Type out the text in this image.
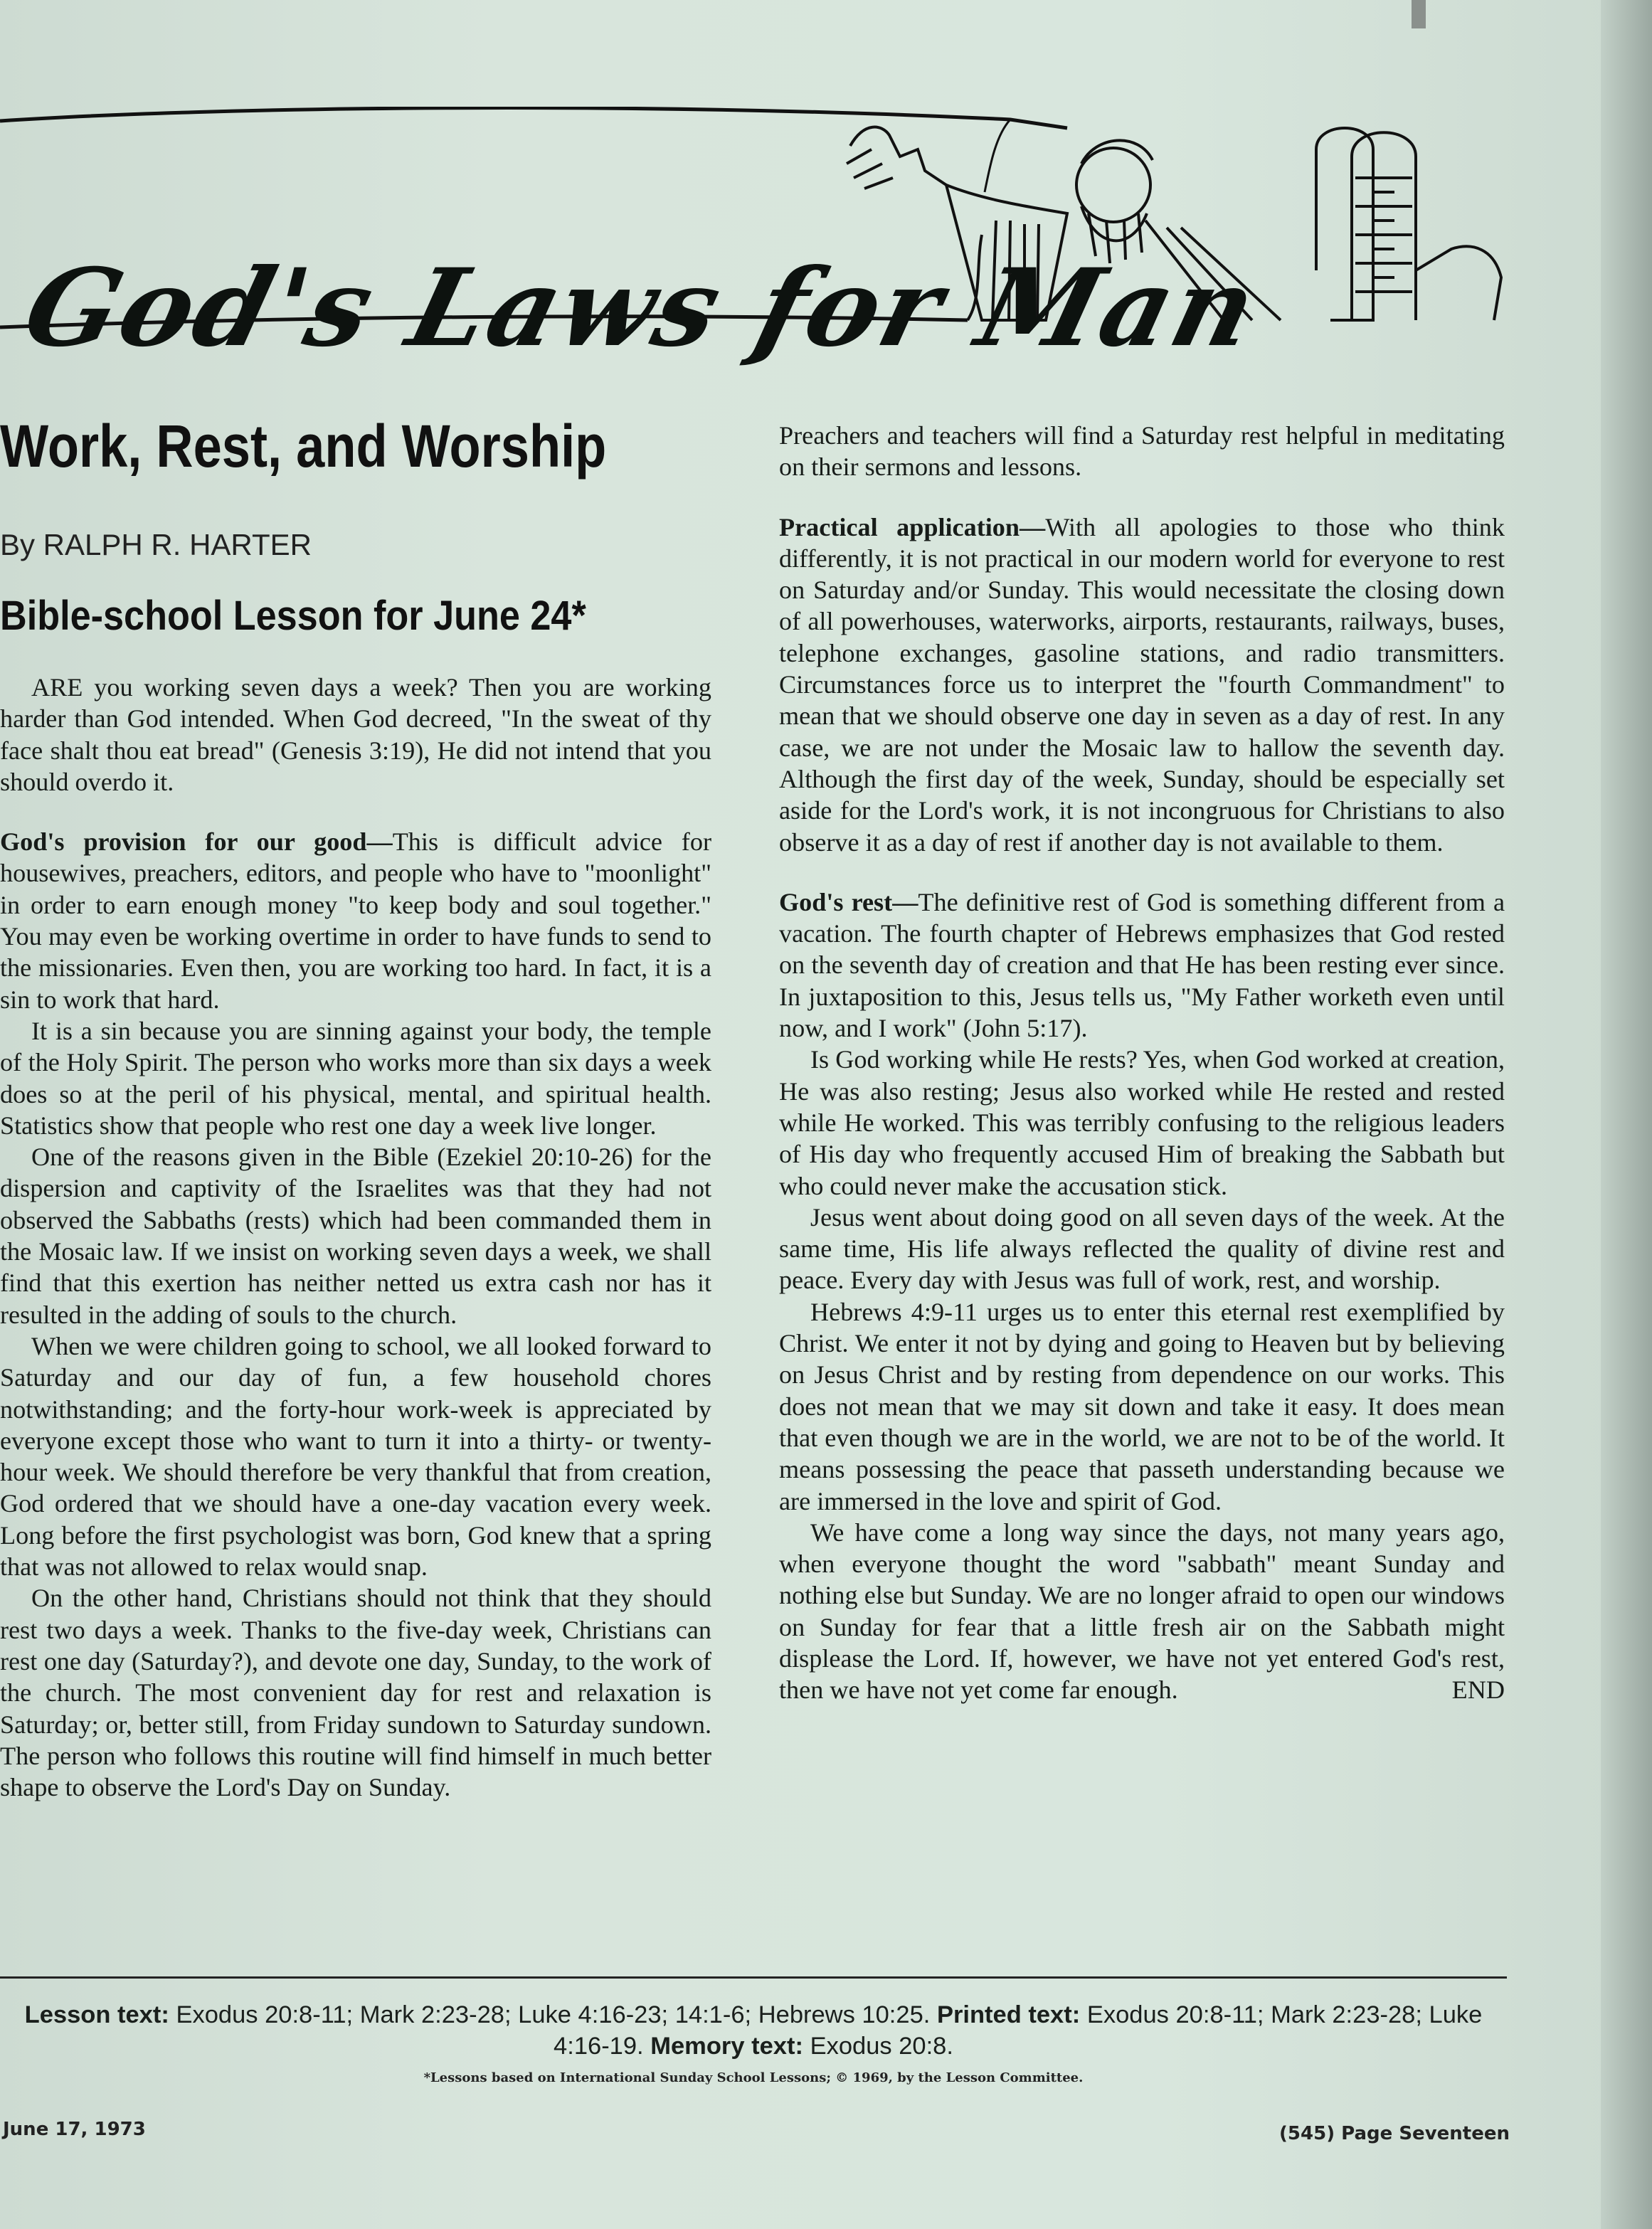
God's Laws for Man
Work, Rest, and Worship
By RALPH R. HARTER
Bible-school Lesson for June 24*

ARE you working seven days a week? Then you are working harder than God intended. When God decreed, "In the sweat of thy face shalt thou eat bread" (Genesis 3:19), He did not intend that you should overdo it.

God's provision for our good—This is difficult advice for housewives, preachers, editors, and people who have to "moonlight" in order to earn enough money "to keep body and soul together." You may even be working overtime in order to have funds to send to the missionaries. Even then, you are working too hard. In fact, it is a sin to work that hard.

It is a sin because you are sinning against your body, the temple of the Holy Spirit. The person who works more than six days a week does so at the peril of his physical, mental, and spiritual health. Statistics show that people who rest one day a week live longer.

One of the reasons given in the Bible (Ezekiel 20:10-26) for the dispersion and captivity of the Israelites was that they had not observed the Sabbaths (rests) which had been commanded them in the Mosaic law. If we insist on working seven days a week, we shall find that this exertion has neither netted us extra cash nor has it resulted in the adding of souls to the church.

When we were children going to school, we all looked forward to Saturday and our day of fun, a few household chores notwithstanding; and the forty-hour work-week is appreciated by everyone except those who want to turn it into a thirty- or twenty-hour week. We should therefore be very thankful that from creation, God ordered that we should have a one-day vacation every week. Long before the first psychologist was born, God knew that a spring that was not allowed to relax would snap.

On the other hand, Christians should not think that they should rest two days a week. Thanks to the five-day week, Christians can rest one day (Saturday?), and devote one day, Sunday, to the work of the church. The most convenient day for rest and relaxation is Saturday; or, better still, from Friday sundown to Saturday sundown. The person who follows this routine will find himself in much better shape to observe the Lord's Day on Sunday.

Preachers and teachers will find a Saturday rest helpful in meditating on their sermons and lessons.

Practical application—With all apologies to those who think differently, it is not practical in our modern world for everyone to rest on Saturday and/or Sunday. This would necessitate the closing down of all powerhouses, waterworks, airports, restaurants, railways, buses, telephone exchanges, gasoline stations, and radio transmitters. Circumstances force us to interpret the "fourth Commandment" to mean that we should observe one day in seven as a day of rest. In any case, we are not under the Mosaic law to hallow the seventh day. Although the first day of the week, Sunday, should be especially set aside for the Lord's work, it is not incongruous for Christians to also observe it as a day of rest if another day is not available to them.

God's rest—The definitive rest of God is something different from a vacation. The fourth chapter of Hebrews emphasizes that God rested on the seventh day of creation and that He has been resting ever since. In juxtaposition to this, Jesus tells us, "My Father worketh even until now, and I work" (John 5:17).

Is God working while He rests? Yes, when God worked at creation, He was also resting; Jesus also worked while He rested and rested while He worked. This was terribly confusing to the religious leaders of His day who frequently accused Him of breaking the Sabbath but who could never make the accusation stick.

Jesus went about doing good on all seven days of the week. At the same time, His life always reflected the quality of divine rest and peace. Every day with Jesus was full of work, rest, and worship.

Hebrews 4:9-11 urges us to enter this eternal rest exemplified by Christ. We enter it not by dying and going to Heaven but by believing on Jesus Christ and by resting from dependence on our works. This does not mean that we may sit down and take it easy. It does mean that even though we are in the world, we are not to be of the world. It means possessing the peace that passeth understanding because we are immersed in the love and spirit of God.

We have come a long way since the days, not many years ago, when everyone thought the word "sabbath" meant Sunday and nothing else but Sunday. We are no longer afraid to open our windows on Sunday for fear that a little fresh air on the Sabbath might displease the Lord. If, however, we have not yet entered God's rest, then we have not yet come far enough.	END

Lesson text: Exodus 20:8-11; Mark 2:23-28; Luke 4:16-23; 14:1-6; Hebrews 10:25. Printed text: Exodus 20:8-11; Mark 2:23-28; Luke 4:16-19. Memory text: Exodus 20:8.
*Lessons based on International Sunday School Lessons; © 1969, by the Lesson Committee.
June 17, 1973	(545) Page Seventeen
